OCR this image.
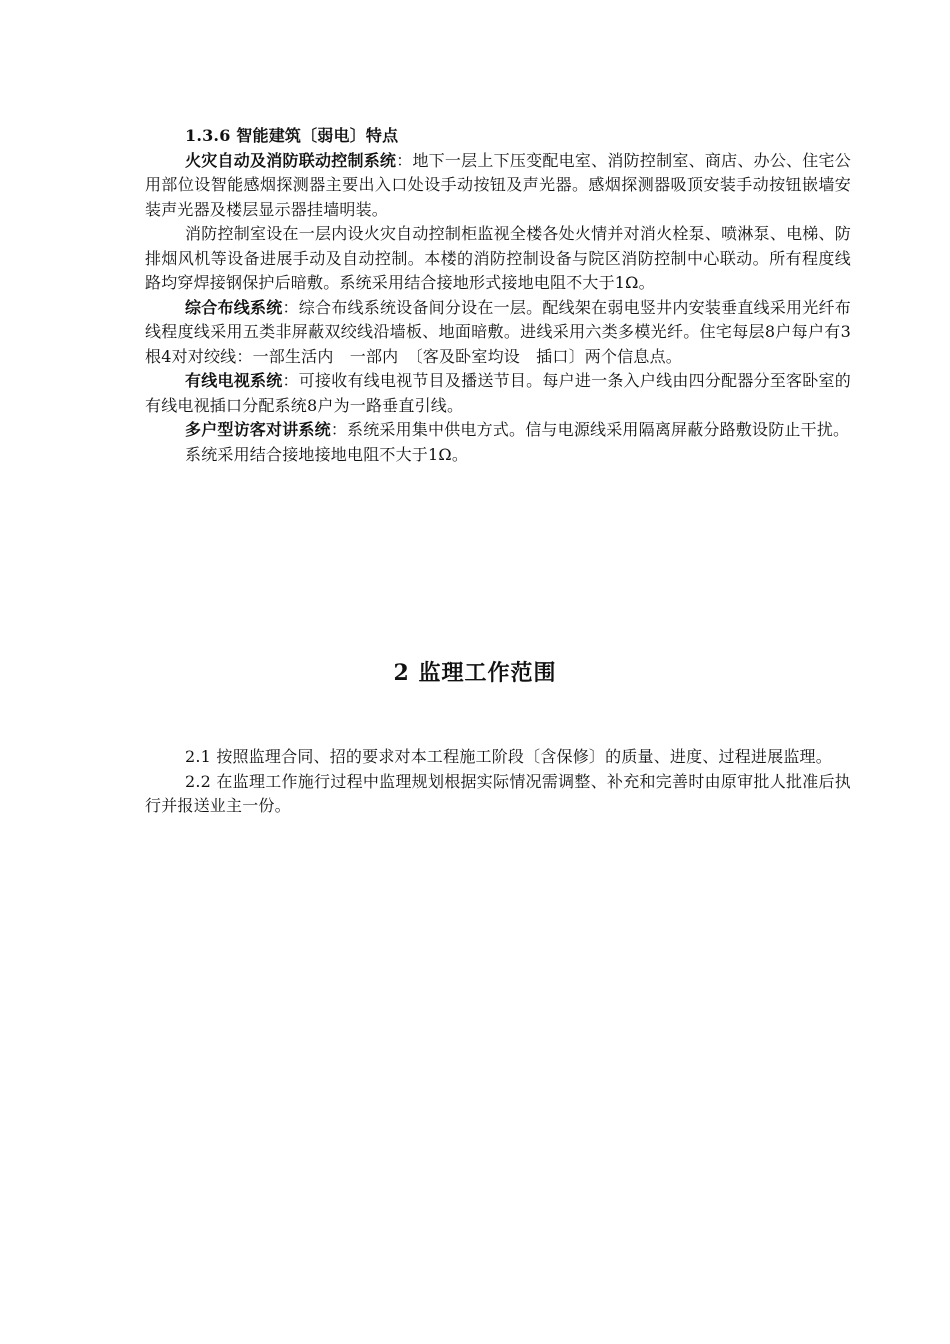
1.3.6 智能建筑〔弱电〕特点

火灾自动及消防联动控制系统：地下一层上下压变配电室、消防控制室、商店、办公、住宅公用部位设智能感烟探测器主要出入口处设手动按钮及声光器。感烟探测器吸顶安装手动按钮嵌墙安装声光器及楼层显示器挂墙明装。

消防控制室设在一层内设火灾自动控制柜监视全楼各处火情并对消火栓泵、喷淋泵、电梯、防排烟风机等设备进展手动及自动控制。本楼的消防控制设备与院区消防控制中心联动。所有程度线路均穿焊接钢保护后暗敷。系统采用结合接地形式接地电阻不大于1Ω。

综合布线系统：综合布线系统设备间分设在一层。配线架在弱电竖井内安装垂直线采用光纤布线程度线采用五类非屏蔽双绞线沿墙板、地面暗敷。进线采用六类多模光纤。住宅每层8户每户有3根4对对绞线：一部生活内　一部内　〔客及卧室均设　插口〕两个信息点。

有线电视系统：可接收有线电视节目及播送节目。每户进一条入户线由四分配器分至客卧室的有线电视插口分配系统8户为一路垂直引线。

多户型访客对讲系统：系统采用集中供电方式。信与电源线采用隔离屏蔽分路敷设防止干扰。

系统采用结合接地接地电阻不大于1Ω。

2 监理工作范围

2.1 按照监理合同、招的要求对本工程施工阶段〔含保修〕的质量、进度、过程进展监理。

2.2 在监理工作施行过程中监理规划根据实际情况需调整、补充和完善时由原审批人批准后执行并报送业主一份。
